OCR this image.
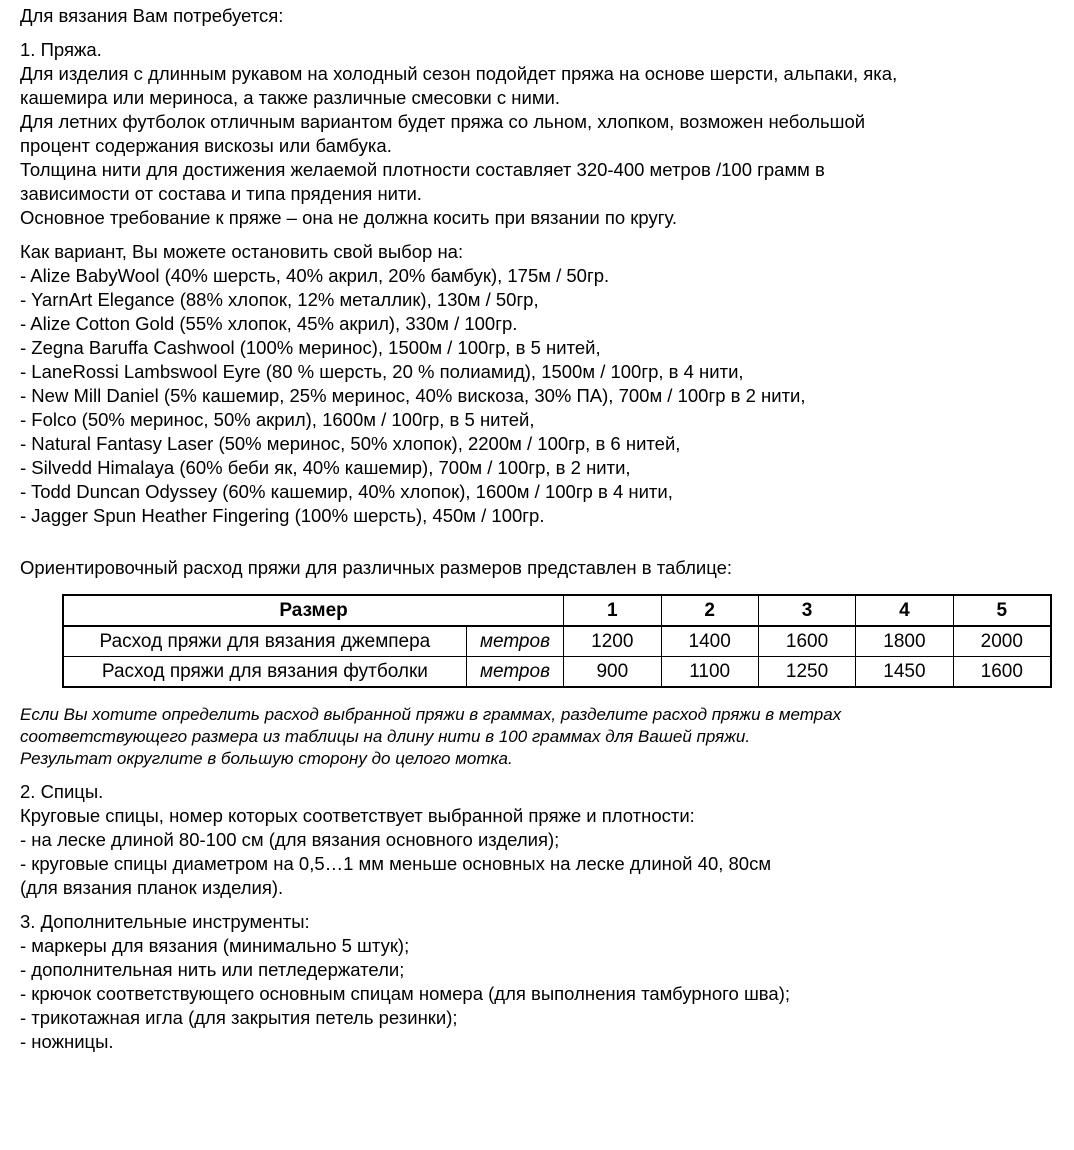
Для вязания Вам потребуется:

1. Пряжа.

Для изделия с длинным рукавом на холодный сезон подойдет пряжа на основе шерсти, альпаки, яка,

кашемира или мериноса, а также различные смесовки с ними.

Для летних футболок отличным вариантом будет пряжа со льном, хлопком, возможен небольшой

процент содержания вискозы или бамбука.

Толщина нити для достижения желаемой плотности составляет 320-400 метров /100 грамм в

зависимости от состава и типа прядения нити.

Основное требование к пряже – она не должна косить при вязании по кругу.

Как вариант, Вы можете остановить свой выбор на:

- Alize BabyWool (40% шерсть, 40% акрил, 20% бамбук), 175м / 50гр.

- YarnArt Elegance (88% хлопок, 12% металлик), 130м / 50гр,

- Alize Cotton Gold (55% хлопок, 45% акрил), 330м / 100гр.

- Zegna Baruffa Cashwool (100% меринос), 1500м / 100гр, в 5 нитей,

- LaneRossi Lambswool Eyre (80 % шерсть, 20 % полиамид), 1500м / 100гр, в 4 нити,

- New Mill Daniel (5% кашемир, 25% меринос, 40% вискоза, 30% ПА), 700м / 100гр в 2 нити,

- Folco (50% меринос, 50% акрил), 1600м / 100гр, в 5 нитей,

- Natural Fantasy Laser (50% меринос, 50% хлопок), 2200м / 100гр, в 6 нитей,

- Silvedd Himalaya (60% беби як, 40% кашемир), 700м / 100гр, в 2 нити,

- Todd Duncan Odyssey (60% кашемир, 40% хлопок), 1600м / 100гр в 4 нити,

- Jagger Spun Heather Fingering (100% шерсть), 450м / 100гр.

Ориентировочный расход пряжи для различных размеров представлен в таблице:

Размер		1	2	3	4	5
Расход пряжи для вязания джемпера	метров	1200	1400	1600	1800	2000
Расход пряжи для вязания футболки	метров	900	1100	1250	1450	1600

Если Вы хотите определить расход выбранной пряжи в граммах, разделите расход пряжи в метрах

соответствующего размера из таблицы на длину нити в 100 граммах для Вашей пряжи.

Результат округлите в большую сторону до целого мотка.

2. Спицы.

Круговые спицы, номер которых соответствует выбранной пряже и плотности:

- на леске длиной 80-100 см (для вязания основного изделия);

- круговые спицы диаметром на 0,5…1 мм меньше основных на леске длиной 40, 80см

(для вязания планок изделия).

3. Дополнительные инструменты:

- маркеры для вязания (минимально 5 штук);

- дополнительная нить или петледержатели;

- крючок соответствующего основным спицам номера (для выполнения тамбурного шва);

- трикотажная игла (для закрытия петель резинки);

- ножницы.
